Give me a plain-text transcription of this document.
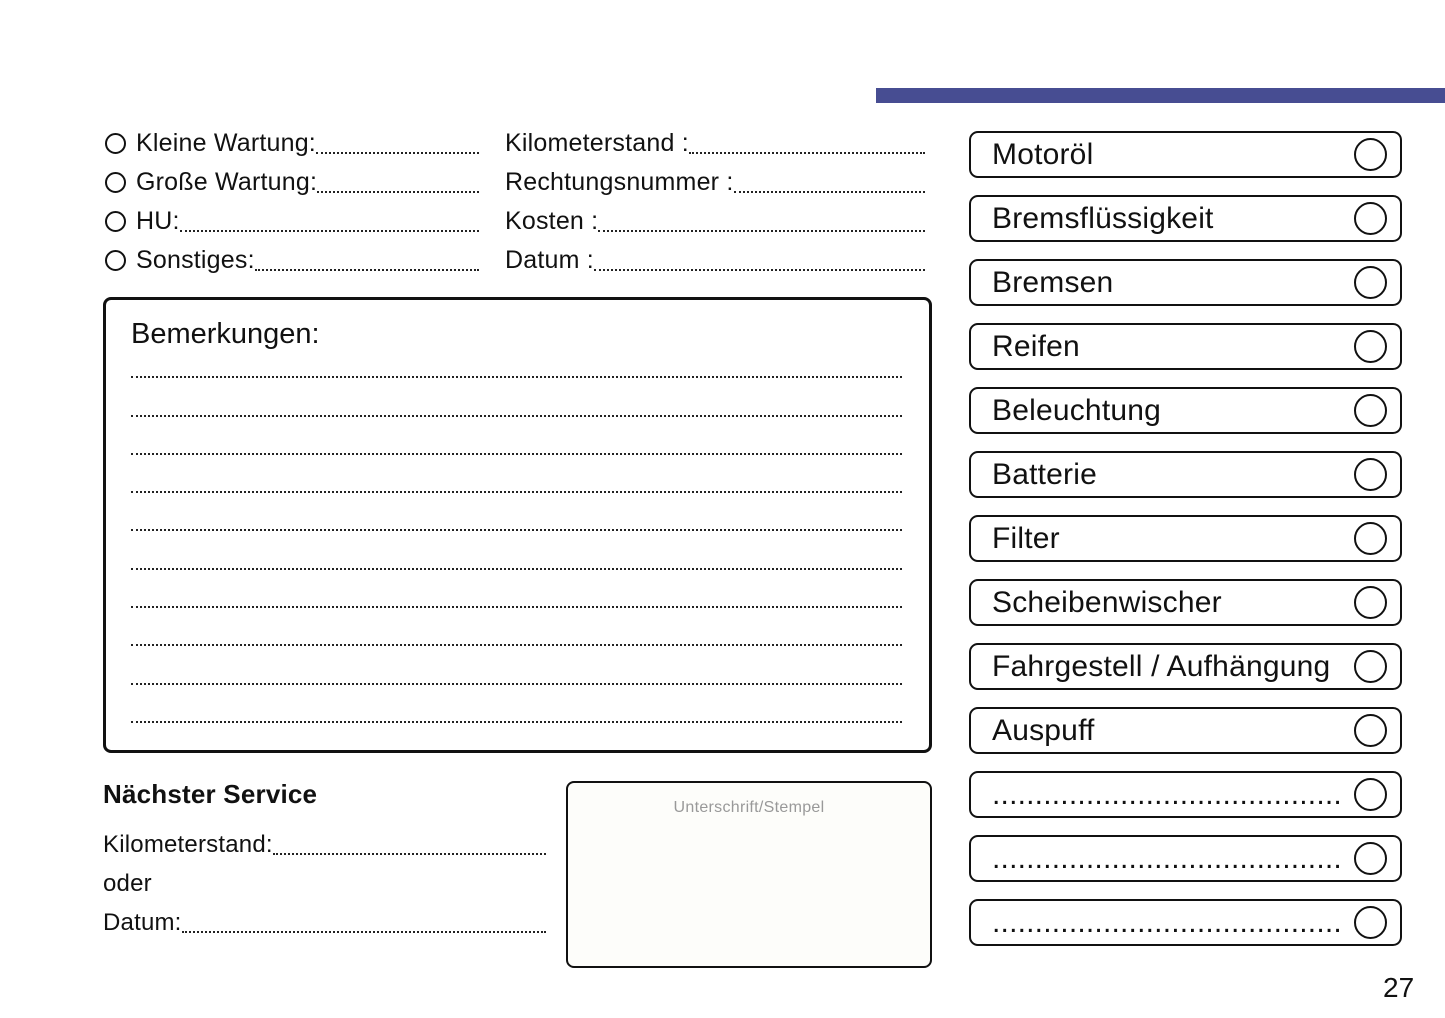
Kleine Wartung:
Große Wartung:
HU:
Sonstiges:
Kilometerstand :
Rechtungsnummer :
Kosten :
Datum :
Bemerkungen:
Nächster Service
Kilometerstand:
oder
Datum:
Unterschrift/Stempel
Motoröl
Bremsflüssigkeit
Bremsen
Reifen
Beleuchtung
Batterie
Filter
Scheibenwischer
Fahrgestell / Aufhängung
Auspuff
.........................................
.........................................
.........................................
27
